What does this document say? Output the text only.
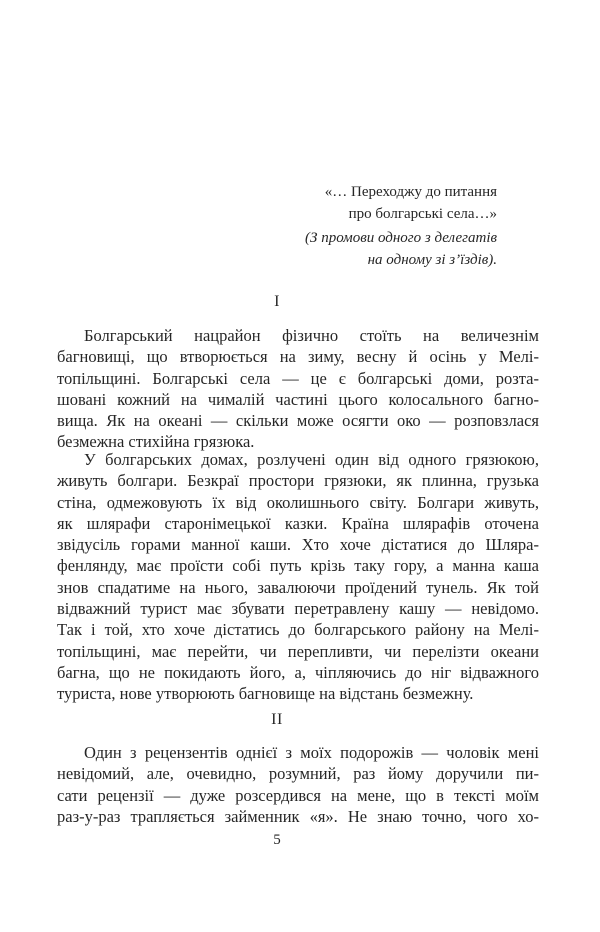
«… Переходжу до питання
про болгарські села…»
(З промови одного з делегатів
на одному зі з’їздів).
I
Болгарський нацрайон фізично стоїть на величезнім
багновищі, що втворюється на зиму, весну й осінь у Мелі-
топільщині. Болгарські села — це є болгарські доми, розта-
шовані кожний на чималій частині цього колосального багно-
вища. Як на океані — скільки може осягти око — розповзлася
безмежна стихійна грязюка.
У болгарських домах, розлучені один від одного грязюкою,
живуть болгари. Безкраї простори грязюки, як плинна, грузька
стіна, одмежовують їх від околишнього світу. Болгари живуть,
як шлярафи старонімецької казки. Країна шлярафів оточена
звідусіль горами манної каши. Хто хоче дістатися до Шляра-
фенлянду, має проїсти собі путь крізь таку гору, а манна каша
знов спадатиме на нього, завалюючи проїдений тунель. Як той
відважний турист має збувати перетравлену кашу — невідомо.
Так і той, хто хоче дістатись до болгарського району на Мелі-
топільщині, має перейти, чи перепливти, чи перелізти океани
багна, що не покидають його, а, чіпляючись до ніг відважного
туриста, нове утворюють багновище на відстань безмежну.
II
Один з рецензентів однієї з моїх подорожів — чоловік мені
невідомий, але, очевидно, розумний, раз йому доручили пи-
сати рецензії — дуже розсердився на мене, що в тексті моїм
раз-у-раз трапляється займенник «я». Не знаю точно, чого хо-
5
